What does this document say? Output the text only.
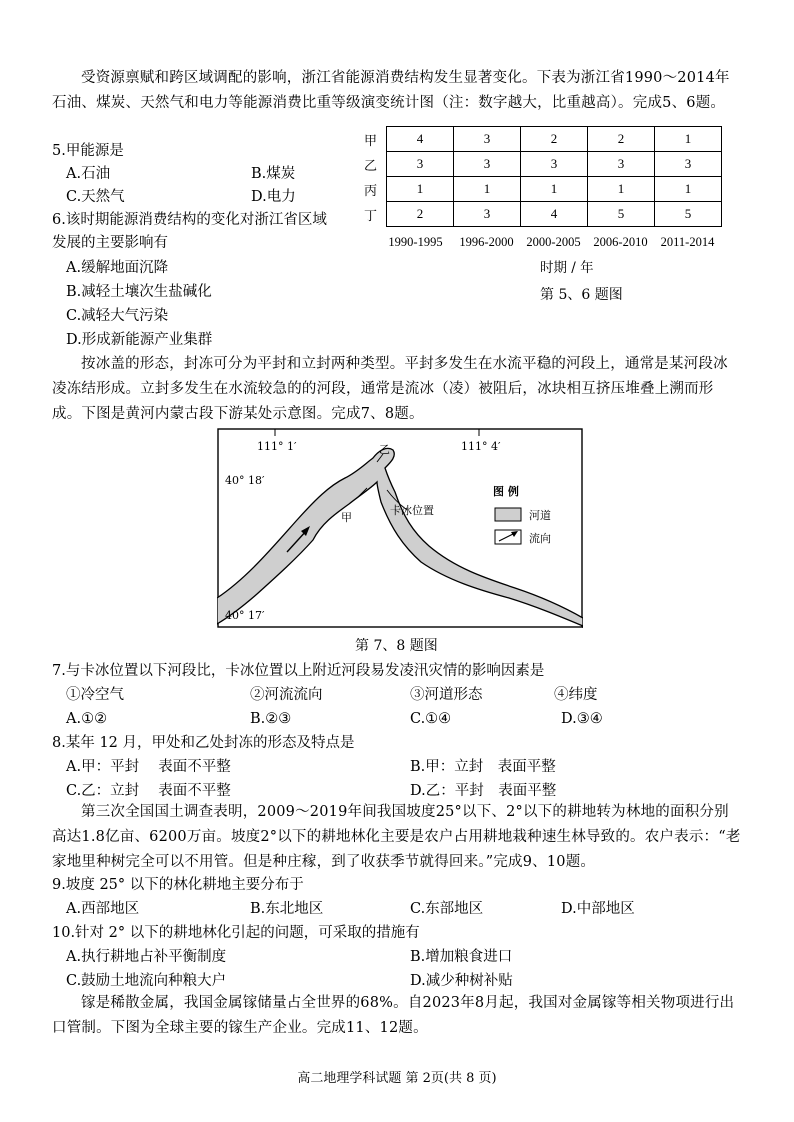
受资源禀赋和跨区域调配的影响，浙江省能源消费结构发生显著变化。下表为浙江省1990～2014年石油、煤炭、天然气和电力等能源消费比重等级演变统计图（注：数字越大，比重越高）。完成5、6题。
5.甲能源是
A.石油	B.煤炭
C.天然气	D.电力
6.该时期能源消费结构的变化对浙江省区域
发展的主要影响有
A.缓解地面沉降
B.减轻土壤次生盐碱化
C.减轻大气污染
D.形成新能源产业集群
甲	4	3	2	2	1
乙	3	3	3	3	3
丙	1	1	1	1	1
丁	2	3	4	5	5
1990-1995	1996-2000	2000-2005	2006-2010	2011-2014
时期 / 年
第 5、6 题图
按冰盖的形态，封冻可分为平封和立封两种类型。平封多发生在水流平稳的河段上，通常是某河段冰凌冻结形成。立封多发生在水流较急的的河段，通常是流冰（凌）被阻后，冰块相互挤压堆叠上溯而形成。下图是黄河内蒙古段下游某处示意图。完成7、8题。
111° 1′	111° 4′
40° 18′
40° 17′
乙
甲
卡冰位置
图 例
河道
流向
第 7、8 题图
7.与卡冰位置以下河段比，卡冰位置以上附近河段易发凌汛灾情的影响因素是
①冷空气	②河流流向	③河道形态	④纬度
A.①②	B.②③	C.①④	D.③④
8.某年 12 月，甲处和乙处封冻的形态及特点是
A.甲：平封　 表面不平整	B.甲：立封　表面平整
C.乙：立封　 表面不平整	D.乙：平封　表面平整
第三次全国国土调查表明，2009～2019年间我国坡度25°以下、2°以下的耕地转为林地的面积分别高达1.8亿亩、6200万亩。坡度2°以下的耕地林化主要是农户占用耕地栽种速生林导致的。农户表示：“老家地里种树完全可以不用管。但是种庄稼，到了收获季节就得回来。”完成9、10题。
9.坡度 25° 以下的林化耕地主要分布于
A.西部地区	B.东北地区	C.东部地区	D.中部地区
10.针对 2° 以下的耕地林化引起的问题，可采取的措施有
A.执行耕地占补平衡制度	B.增加粮食进口
C.鼓励土地流向种粮大户	D.减少种树补贴
镓是稀散金属，我国金属镓储量占全世界的68%。自2023年8月起，我国对金属镓等相关物项进行出口管制。下图为全球主要的镓生产企业。完成11、12题。
高二地理学科试题 第 2页(共 8 页)
